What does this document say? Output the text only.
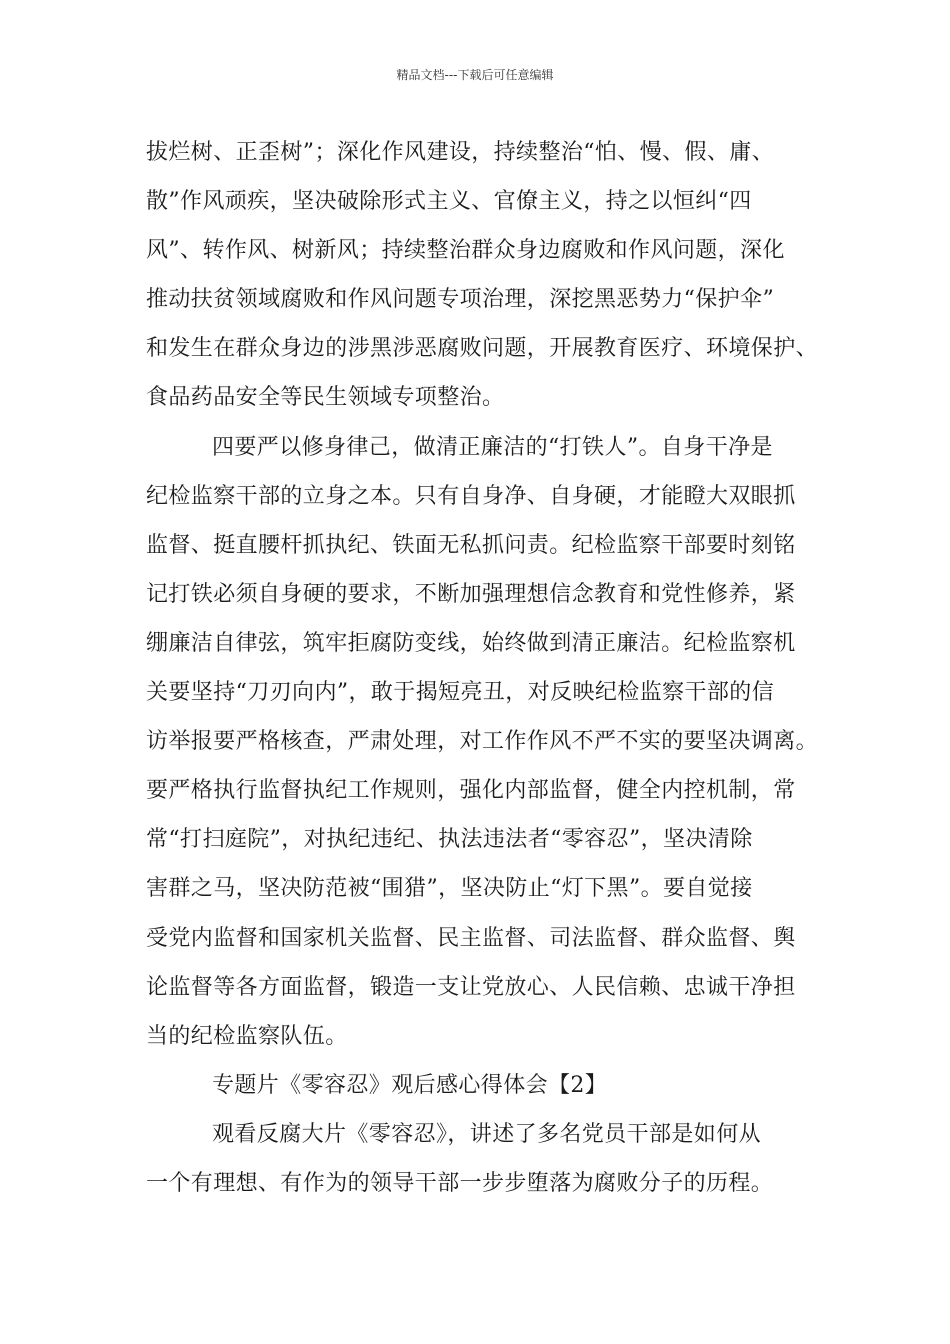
精品文档---下载后可任意编辑
拔烂树、正歪树”；深化作风建设，持续整治“怕、慢、假、庸、
散”作风顽疾，坚决破除形式主义、官僚主义，持之以恒纠“四
风”、转作风、树新风；持续整治群众身边腐败和作风问题，深化
推动扶贫领域腐败和作风问题专项治理，深挖黑恶势力“保护伞”
和发生在群众身边的涉黑涉恶腐败问题，开展教育医疗、环境保护、
食品药品安全等民生领域专项整治。
四要严以修身律己，做清正廉洁的“打铁人”。自身干净是
纪检监察干部的立身之本。只有自身净、自身硬，才能瞪大双眼抓
监督、挺直腰杆抓执纪、铁面无私抓问责。纪检监察干部要时刻铭
记打铁必须自身硬的要求，不断加强理想信念教育和党性修养，紧
绷廉洁自律弦，筑牢拒腐防变线，始终做到清正廉洁。纪检监察机
关要坚持“刀刃向内”，敢于揭短亮丑，对反映纪检监察干部的信
访举报要严格核查，严肃处理，对工作作风不严不实的要坚决调离。
要严格执行监督执纪工作规则，强化内部监督，健全内控机制，常
常“打扫庭院”，对执纪违纪、执法违法者“零容忍”，坚决清除
害群之马，坚决防范被“围猎”，坚决防止“灯下黑”。要自觉接
受党内监督和国家机关监督、民主监督、司法监督、群众监督、舆
论监督等各方面监督，锻造一支让党放心、人民信赖、忠诚干净担
当的纪检监察队伍。
专题片《零容忍》观后感心得体会【2】
观看反腐大片《零容忍》，讲述了多名党员干部是如何从
一个有理想、有作为的领导干部一步步堕落为腐败分子的历程。
